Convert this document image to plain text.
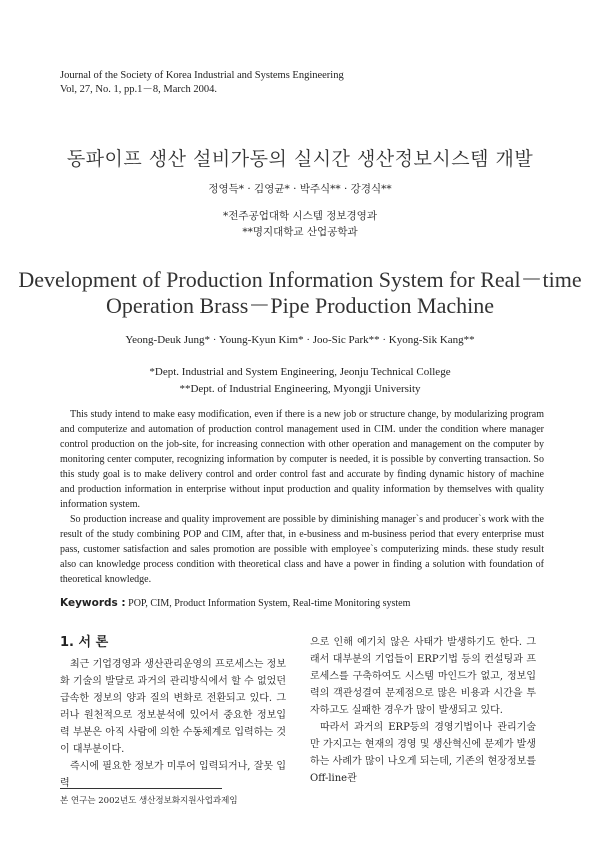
Journal of the Society of Korea Industrial and Systems Engineering
Vol, 27, No. 1, pp.1－8, March 2004.
동파이프 생산 설비가동의 실시간 생산정보시스템 개발
정영득* · 김영균* · 박주식** · 강경식**
*전주공업대학 시스템 정보경영과
**명지대학교 산업공학과
Development of Production Information System for Real－time
Operation Brass－Pipe Production Machine
Yeong-Deuk Jung* · Young-Kyun Kim* · Joo-Sic Park** · Kyong-Sik Kang**
*Dept. Industrial and System Engineering, Jeonju Technical College
**Dept. of Industrial Engineering, Myongji University

This study intend to make easy modification, even if there is a new job or structure change, by modularizing program and computerize and automation of production control management used in CIM. under the condition where manager control production on the job-site, for increasing connection with other operation and management on the computer by monitoring center computer, recognizing information by computer is needed, it is possible by converting transaction. So this study goal is to make delivery control and order control fast and accurate by finding dynamic history of machine and production information in enterprise without input production and quality information by themselves with quality information system.

So production increase and quality improvement are possible by diminishing manager`s and producer`s work with the result of the study combining POP and CIM, after that, in e-business and m-business period that every enterprise must pass, customer satisfaction and sales promotion are possible with employee`s computerizing minds. these study result also can knowledge process condition with theoretical class and have a power in finding a solution with foundation of theoretical knowledge.

Keywords : POP, CIM, Product Information System, Real-time Monitoring system
1. 서 론

최근 기업경영과 생산관리운영의 프로세스는 정보화 기술의 발달로 과거의 관리방식에서 할 수 없었던 급속한 정보의 양과 질의 변화로 전환되고 있다. 그러나 원천적으로 정보분석에 있어서 중요한 정보입력 부분은 아직 사람에 의한 수동체계로 입력하는 것이 대부분이다.

즉시에 필요한 정보가 미루어 입력되거나, 잘못 입력

으로 인해 예기치 않은 사태가 발생하기도 한다. 그래서 대부분의 기업들이 ERP기법 등의 컨설팅과 프로세스를 구축하여도 시스템 마인드가 없고, 정보입력의 객관성결여 문제점으로 많은 비용과 시간을 투자하고도 실패한 경우가 많이 발생되고 있다.

따라서 과거의 ERP등의 경영기법이나 관리기술만 가지고는 현재의 경영 및 생산혁신에 문제가 발생하는 사례가 많이 나오게 되는데, 기존의 현장정보를 Off-line관

본 연구는 2002년도 생산정보화지원사업과제임
